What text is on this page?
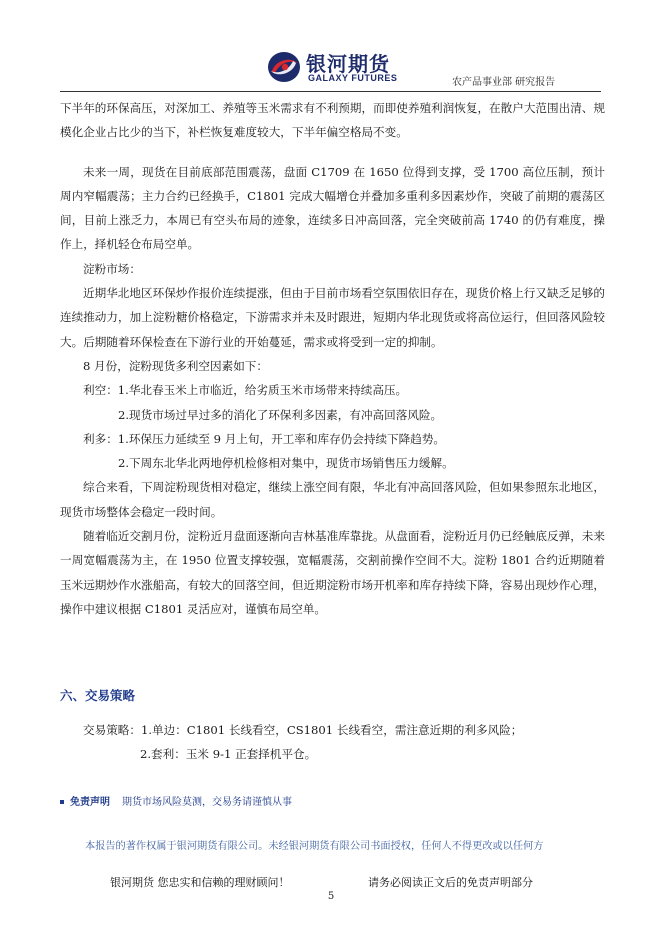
银河期货
GALAXY FUTURES	农产品事业部 研究报告

下半年的环保高压，对深加工、养殖等玉米需求有不利预期，而即使养殖利润恢复，在散户大范围出清、规模化企业占比少的当下，补栏恢复难度较大，下半年偏空格局不变。

未来一周，现货在目前底部范围震荡，盘面 C1709 在 1650 位得到支撑，受 1700 高位压制，预计周内窄幅震荡；主力合约已经换手，C1801 完成大幅增仓并叠加多重利多因素炒作，突破了前期的震荡区间，目前上涨乏力，本周已有空头布局的迹象，连续多日冲高回落，完全突破前高 1740 的仍有难度，操作上，择机轻仓布局空单。

淀粉市场：

近期华北地区环保炒作报价连续提涨，但由于目前市场看空氛围依旧存在，现货价格上行又缺乏足够的连续推动力，加上淀粉糖价格稳定，下游需求并未及时跟进，短期内华北现货或将高位运行，但回落风险较大。后期随着环保检查在下游行业的开始蔓延，需求或将受到一定的抑制。

8 月份，淀粉现货多利空因素如下：

利空：1.华北春玉米上市临近，给劣质玉米市场带来持续高压。

2.现货市场过早过多的消化了环保利多因素，有冲高回落风险。

利多：1.环保压力延续至 9 月上旬，开工率和库存仍会持续下降趋势。

2.下周东北华北两地停机检修相对集中，现货市场销售压力缓解。

综合来看，下周淀粉现货相对稳定，继续上涨空间有限，华北有冲高回落风险，但如果参照东北地区，现货市场整体会稳定一段时间。

随着临近交割月份，淀粉近月盘面逐渐向吉林基准库靠拢。从盘面看，淀粉近月仍已经触底反弹，未来一周宽幅震荡为主，在 1950 位置支撑较强，宽幅震荡，交割前操作空间不大。淀粉 1801 合约近期随着玉米远期炒作水涨船高，有较大的回落空间，但近期淀粉市场开机率和库存持续下降，容易出现炒作心理，操作中建议根据 C1801 灵活应对，谨慎布局空单。

六、交易策略

交易策略：1.单边：C1801 长线看空，CS1801 长线看空，需注意近期的利多风险；

2.套利：玉米 9-1 正套择机平仓。

免责声明 期货市场风险莫测，交易务请谨慎从事
本报告的著作权属于银河期货有限公司。未经银河期货有限公司书面授权，任何人不得更改或以任何方
银河期货 您忠实和信赖的理财顾问！	请务必阅读正文后的免责声明部分
5
